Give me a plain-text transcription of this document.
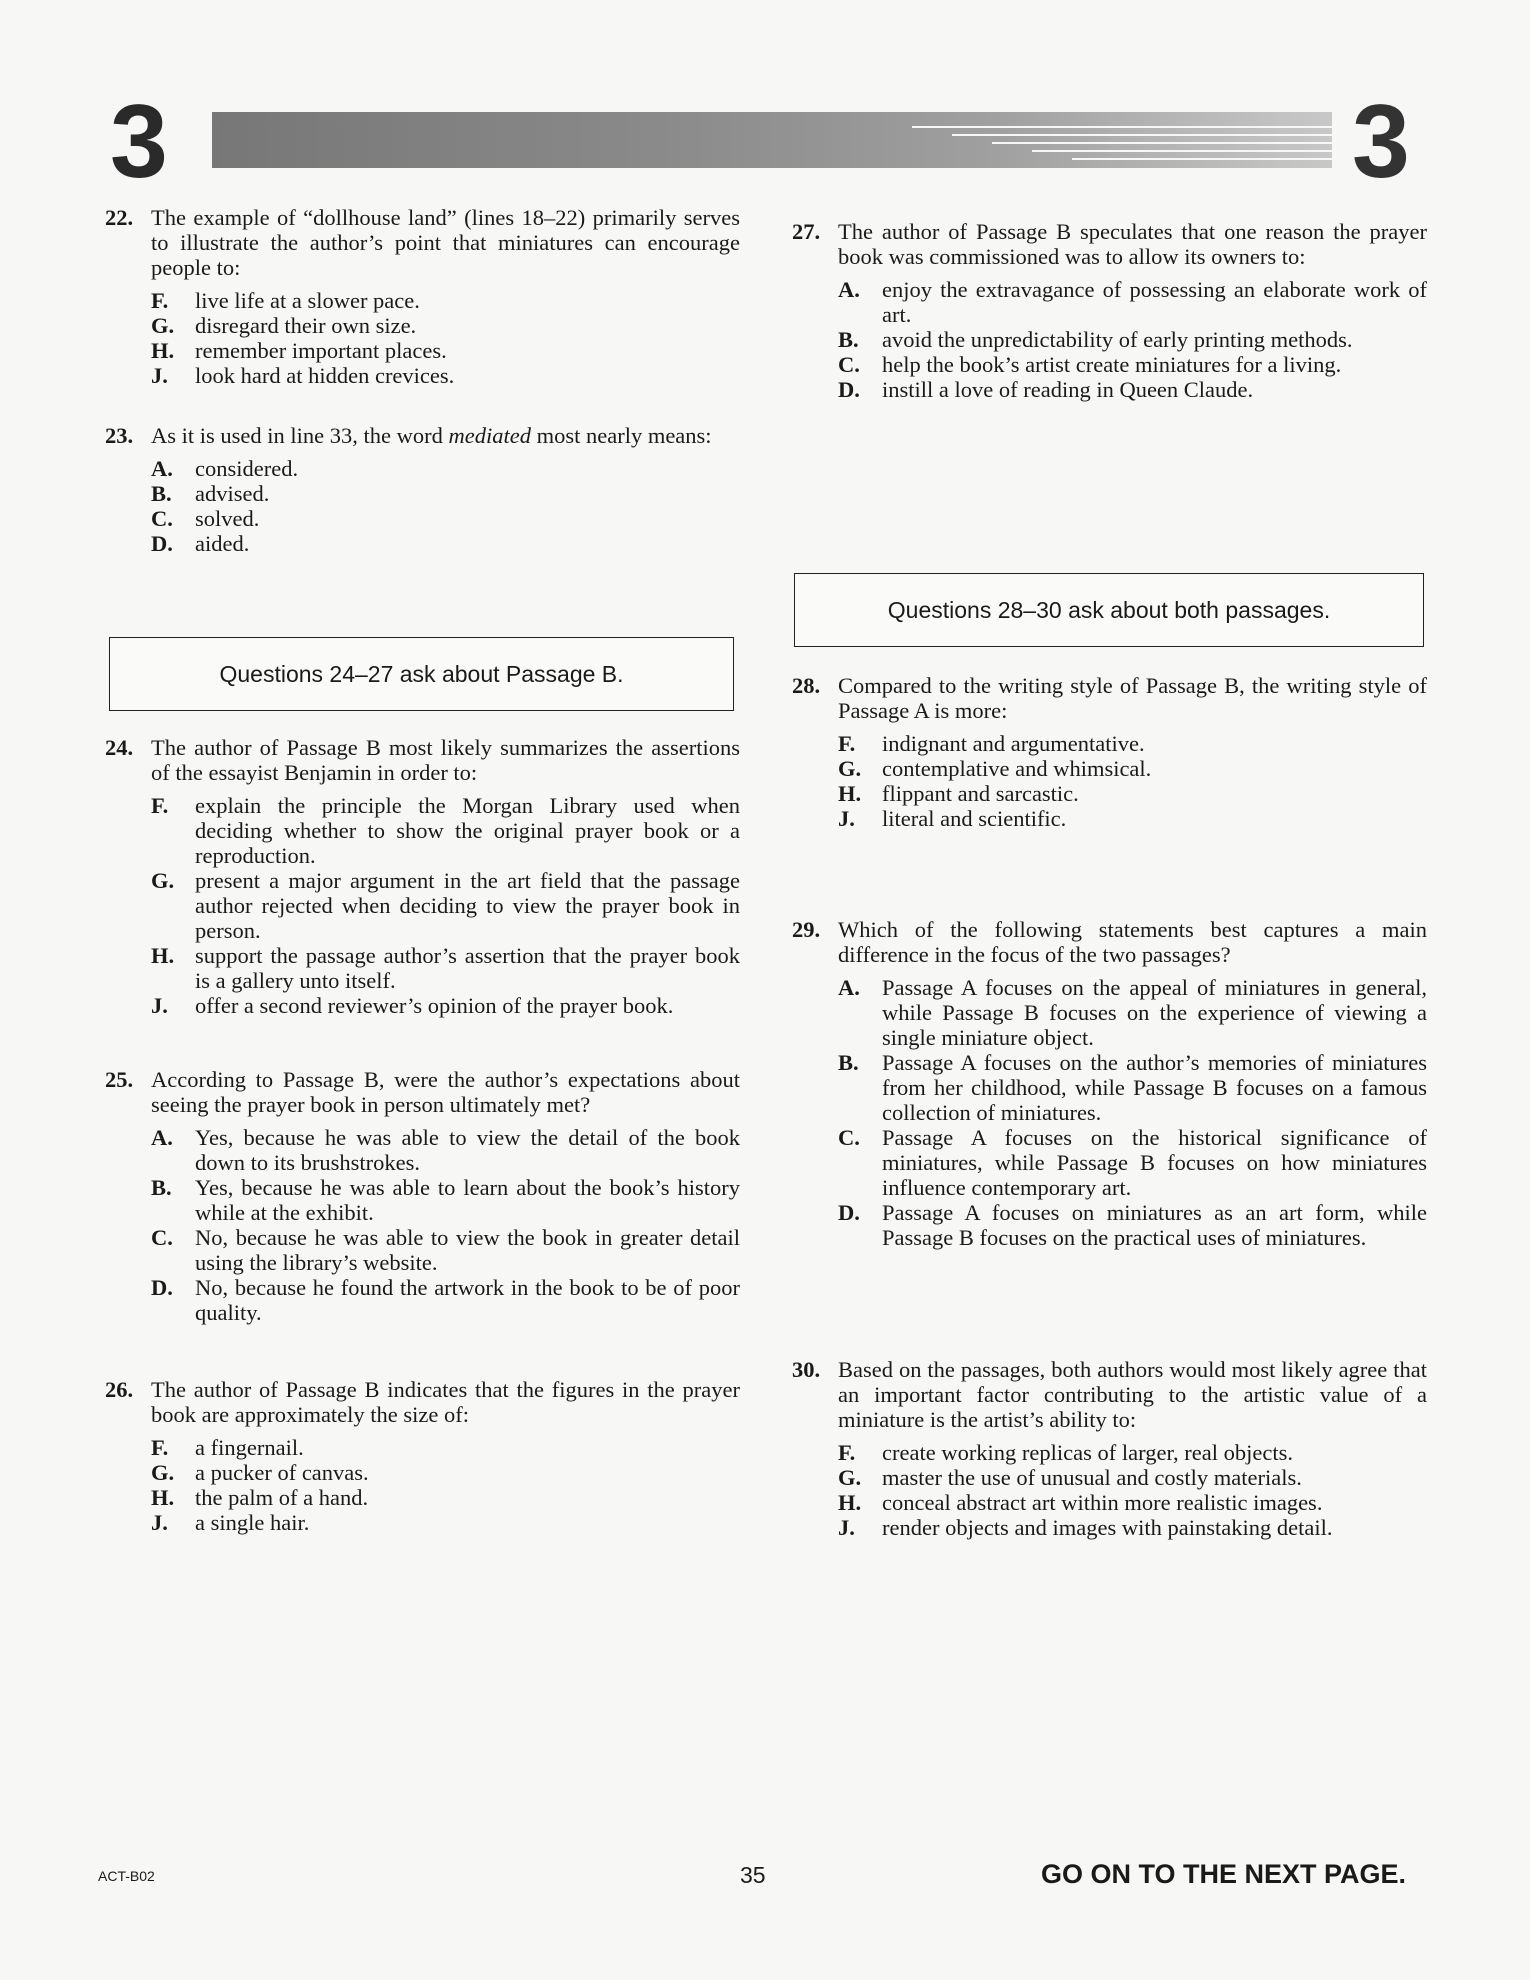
3	3
22. The example of “dollhouse land” (lines 18–22) primarily serves to illustrate the author’s point that miniatures can encourage people to:
F. live life at a slower pace.
G. disregard their own size.
H. remember important places.
J. look hard at hidden crevices.
23. As it is used in line 33, the word mediated most nearly means:
A. considered.
B. advised.
C. solved.
D. aided.
Questions 24–27 ask about Passage B.
24. The author of Passage B most likely summarizes the assertions of the essayist Benjamin in order to:
F. explain the principle the Morgan Library used when deciding whether to show the original prayer book or a reproduction.
G. present a major argument in the art field that the passage author rejected when deciding to view the prayer book in person.
H. support the passage author’s assertion that the prayer book is a gallery unto itself.
J. offer a second reviewer’s opinion of the prayer book.
25. According to Passage B, were the author’s expectations about seeing the prayer book in person ultimately met?
A. Yes, because he was able to view the detail of the book down to its brushstrokes.
B. Yes, because he was able to learn about the book’s history while at the exhibit.
C. No, because he was able to view the book in greater detail using the library’s website.
D. No, because he found the artwork in the book to be of poor quality.
26. The author of Passage B indicates that the figures in the prayer book are approximately the size of:
F. a fingernail.
G. a pucker of canvas.
H. the palm of a hand.
J. a single hair.
27. The author of Passage B speculates that one reason the prayer book was commissioned was to allow its owners to:
A. enjoy the extravagance of possessing an elaborate work of art.
B. avoid the unpredictability of early printing methods.
C. help the book’s artist create miniatures for a living.
D. instill a love of reading in Queen Claude.
Questions 28–30 ask about both passages.
28. Compared to the writing style of Passage B, the writing style of Passage A is more:
F. indignant and argumentative.
G. contemplative and whimsical.
H. flippant and sarcastic.
J. literal and scientific.
29. Which of the following statements best captures a main difference in the focus of the two passages?
A. Passage A focuses on the appeal of miniatures in general, while Passage B focuses on the experience of viewing a single miniature object.
B. Passage A focuses on the author’s memories of miniatures from her childhood, while Passage B focuses on a famous collection of miniatures.
C. Passage A focuses on the historical significance of miniatures, while Passage B focuses on how miniatures influence contemporary art.
D. Passage A focuses on miniatures as an art form, while Passage B focuses on the practical uses of miniatures.
30. Based on the passages, both authors would most likely agree that an important factor contributing to the artistic value of a miniature is the artist’s ability to:
F. create working replicas of larger, real objects.
G. master the use of unusual and costly materials.
H. conceal abstract art within more realistic images.
J. render objects and images with painstaking detail.
ACT-B02	35	GO ON TO THE NEXT PAGE.
